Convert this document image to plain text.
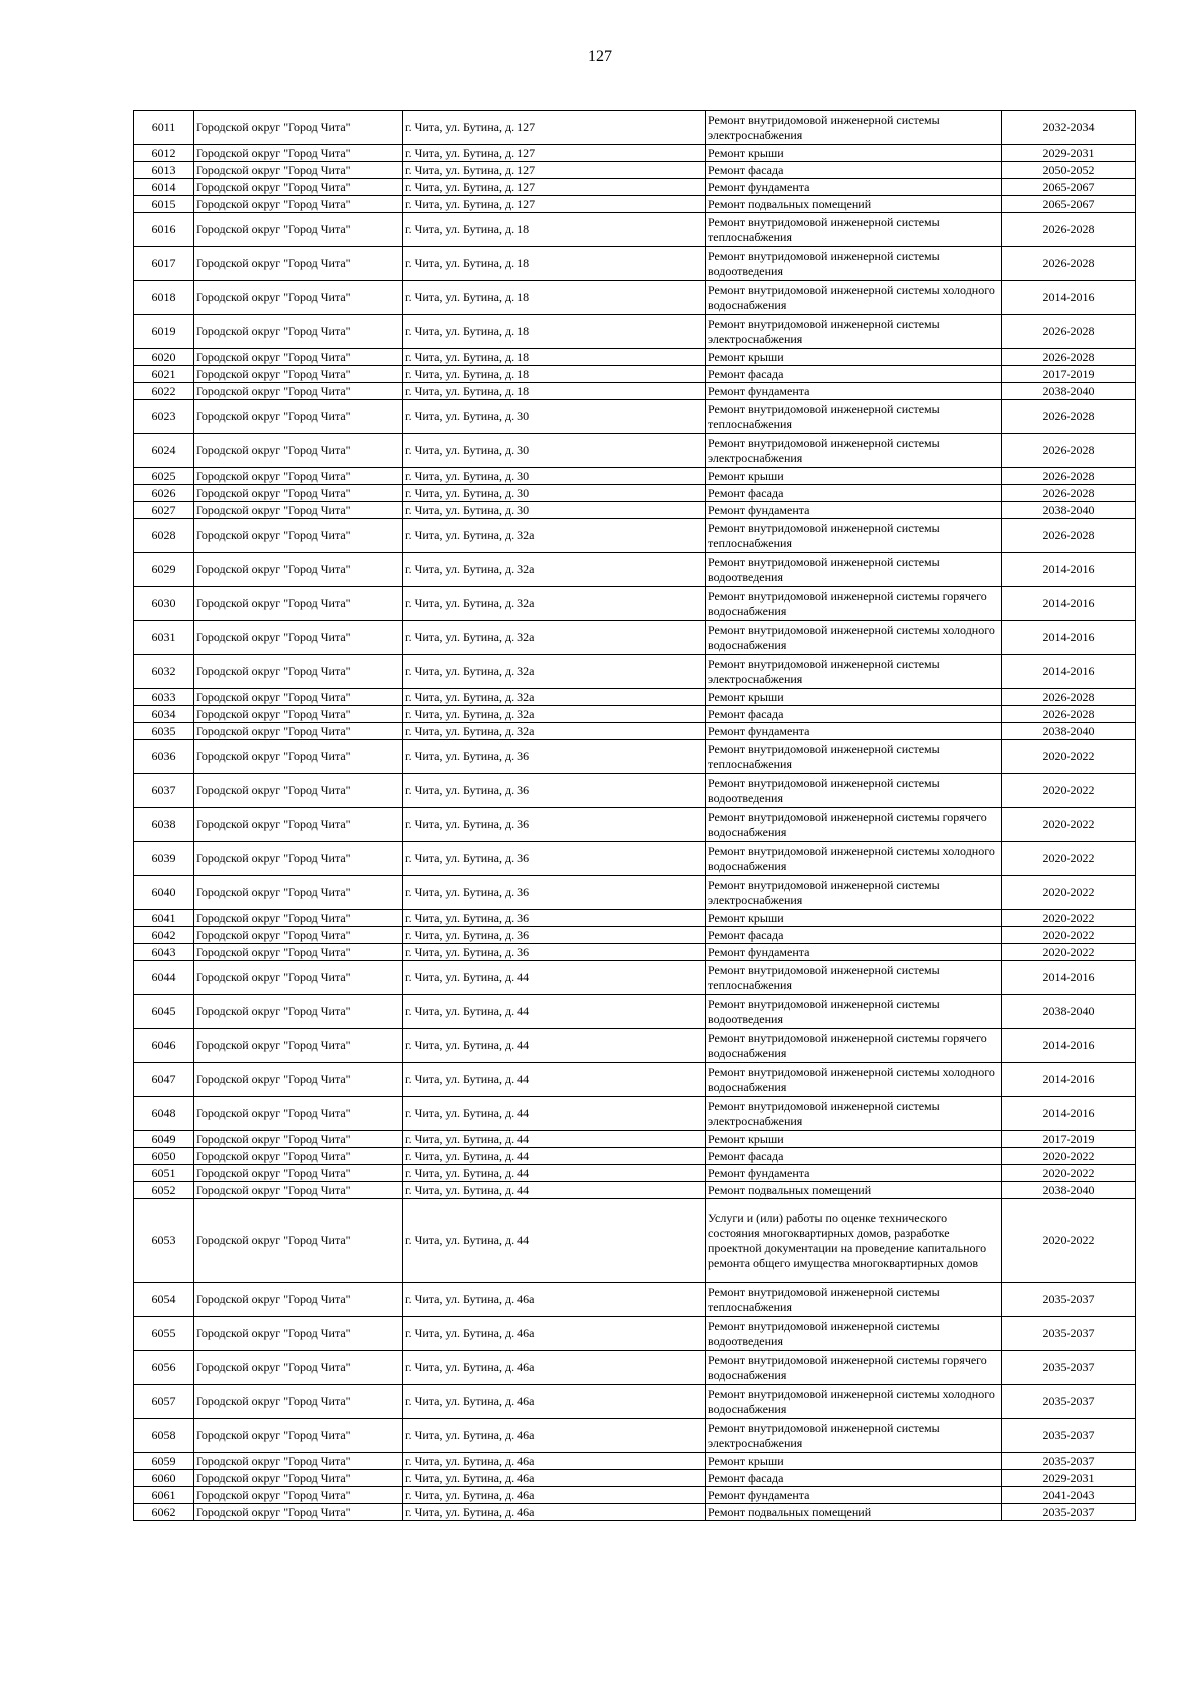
127
6011	Городской округ "Город Чита"	г. Чита, ул. Бутина, д. 127	Ремонт внутридомовой инженерной системы электроснабжения	2032-2034
6012	Городской округ "Город Чита"	г. Чита, ул. Бутина, д. 127	Ремонт крыши	2029-2031
6013	Городской округ "Город Чита"	г. Чита, ул. Бутина, д. 127	Ремонт фасада	2050-2052
6014	Городской округ "Город Чита"	г. Чита, ул. Бутина, д. 127	Ремонт фундамента	2065-2067
6015	Городской округ "Город Чита"	г. Чита, ул. Бутина, д. 127	Ремонт подвальных помещений	2065-2067
6016	Городской округ "Город Чита"	г. Чита, ул. Бутина, д. 18	Ремонт внутридомовой инженерной системы теплоснабжения	2026-2028
6017	Городской округ "Город Чита"	г. Чита, ул. Бутина, д. 18	Ремонт внутридомовой инженерной системы водоотведения	2026-2028
6018	Городской округ "Город Чита"	г. Чита, ул. Бутина, д. 18	Ремонт внутридомовой инженерной системы холодного водоснабжения	2014-2016
6019	Городской округ "Город Чита"	г. Чита, ул. Бутина, д. 18	Ремонт внутридомовой инженерной системы электроснабжения	2026-2028
6020	Городской округ "Город Чита"	г. Чита, ул. Бутина, д. 18	Ремонт крыши	2026-2028
6021	Городской округ "Город Чита"	г. Чита, ул. Бутина, д. 18	Ремонт фасада	2017-2019
6022	Городской округ "Город Чита"	г. Чита, ул. Бутина, д. 18	Ремонт фундамента	2038-2040
6023	Городской округ "Город Чита"	г. Чита, ул. Бутина, д. 30	Ремонт внутридомовой инженерной системы теплоснабжения	2026-2028
6024	Городской округ "Город Чита"	г. Чита, ул. Бутина, д. 30	Ремонт внутридомовой инженерной системы электроснабжения	2026-2028
6025	Городской округ "Город Чита"	г. Чита, ул. Бутина, д. 30	Ремонт крыши	2026-2028
6026	Городской округ "Город Чита"	г. Чита, ул. Бутина, д. 30	Ремонт фасада	2026-2028
6027	Городской округ "Город Чита"	г. Чита, ул. Бутина, д. 30	Ремонт фундамента	2038-2040
6028	Городской округ "Город Чита"	г. Чита, ул. Бутина, д. 32а	Ремонт внутридомовой инженерной системы теплоснабжения	2026-2028
6029	Городской округ "Город Чита"	г. Чита, ул. Бутина, д. 32а	Ремонт внутридомовой инженерной системы водоотведения	2014-2016
6030	Городской округ "Город Чита"	г. Чита, ул. Бутина, д. 32а	Ремонт внутридомовой инженерной системы горячего водоснабжения	2014-2016
6031	Городской округ "Город Чита"	г. Чита, ул. Бутина, д. 32а	Ремонт внутридомовой инженерной системы холодного водоснабжения	2014-2016
6032	Городской округ "Город Чита"	г. Чита, ул. Бутина, д. 32а	Ремонт внутридомовой инженерной системы электроснабжения	2014-2016
6033	Городской округ "Город Чита"	г. Чита, ул. Бутина, д. 32а	Ремонт крыши	2026-2028
6034	Городской округ "Город Чита"	г. Чита, ул. Бутина, д. 32а	Ремонт фасада	2026-2028
6035	Городской округ "Город Чита"	г. Чита, ул. Бутина, д. 32а	Ремонт фундамента	2038-2040
6036	Городской округ "Город Чита"	г. Чита, ул. Бутина, д. 36	Ремонт внутридомовой инженерной системы теплоснабжения	2020-2022
6037	Городской округ "Город Чита"	г. Чита, ул. Бутина, д. 36	Ремонт внутридомовой инженерной системы водоотведения	2020-2022
6038	Городской округ "Город Чита"	г. Чита, ул. Бутина, д. 36	Ремонт внутридомовой инженерной системы горячего водоснабжения	2020-2022
6039	Городской округ "Город Чита"	г. Чита, ул. Бутина, д. 36	Ремонт внутридомовой инженерной системы холодного водоснабжения	2020-2022
6040	Городской округ "Город Чита"	г. Чита, ул. Бутина, д. 36	Ремонт внутридомовой инженерной системы электроснабжения	2020-2022
6041	Городской округ "Город Чита"	г. Чита, ул. Бутина, д. 36	Ремонт крыши	2020-2022
6042	Городской округ "Город Чита"	г. Чита, ул. Бутина, д. 36	Ремонт фасада	2020-2022
6043	Городской округ "Город Чита"	г. Чита, ул. Бутина, д. 36	Ремонт фундамента	2020-2022
6044	Городской округ "Город Чита"	г. Чита, ул. Бутина, д. 44	Ремонт внутридомовой инженерной системы теплоснабжения	2014-2016
6045	Городской округ "Город Чита"	г. Чита, ул. Бутина, д. 44	Ремонт внутридомовой инженерной системы водоотведения	2038-2040
6046	Городской округ "Город Чита"	г. Чита, ул. Бутина, д. 44	Ремонт внутридомовой инженерной системы горячего водоснабжения	2014-2016
6047	Городской округ "Город Чита"	г. Чита, ул. Бутина, д. 44	Ремонт внутридомовой инженерной системы холодного водоснабжения	2014-2016
6048	Городской округ "Город Чита"	г. Чита, ул. Бутина, д. 44	Ремонт внутридомовой инженерной системы электроснабжения	2014-2016
6049	Городской округ "Город Чита"	г. Чита, ул. Бутина, д. 44	Ремонт крыши	2017-2019
6050	Городской округ "Город Чита"	г. Чита, ул. Бутина, д. 44	Ремонт фасада	2020-2022
6051	Городской округ "Город Чита"	г. Чита, ул. Бутина, д. 44	Ремонт фундамента	2020-2022
6052	Городской округ "Город Чита"	г. Чита, ул. Бутина, д. 44	Ремонт подвальных помещений	2038-2040
6053	Городской округ "Город Чита"	г. Чита, ул. Бутина, д. 44	Услуги и (или) работы по оценке технического состояния многоквартирных домов, разработке проектной документации на проведение капитального ремонта общего имущества многоквартирных домов	2020-2022
6054	Городской округ "Город Чита"	г. Чита, ул. Бутина, д. 46а	Ремонт внутридомовой инженерной системы теплоснабжения	2035-2037
6055	Городской округ "Город Чита"	г. Чита, ул. Бутина, д. 46а	Ремонт внутридомовой инженерной системы водоотведения	2035-2037
6056	Городской округ "Город Чита"	г. Чита, ул. Бутина, д. 46а	Ремонт внутридомовой инженерной системы горячего водоснабжения	2035-2037
6057	Городской округ "Город Чита"	г. Чита, ул. Бутина, д. 46а	Ремонт внутридомовой инженерной системы холодного водоснабжения	2035-2037
6058	Городской округ "Город Чита"	г. Чита, ул. Бутина, д. 46а	Ремонт внутридомовой инженерной системы электроснабжения	2035-2037
6059	Городской округ "Город Чита"	г. Чита, ул. Бутина, д. 46а	Ремонт крыши	2035-2037
6060	Городской округ "Город Чита"	г. Чита, ул. Бутина, д. 46а	Ремонт фасада	2029-2031
6061	Городской округ "Город Чита"	г. Чита, ул. Бутина, д. 46а	Ремонт фундамента	2041-2043
6062	Городской округ "Город Чита"	г. Чита, ул. Бутина, д. 46а	Ремонт подвальных помещений	2035-2037
